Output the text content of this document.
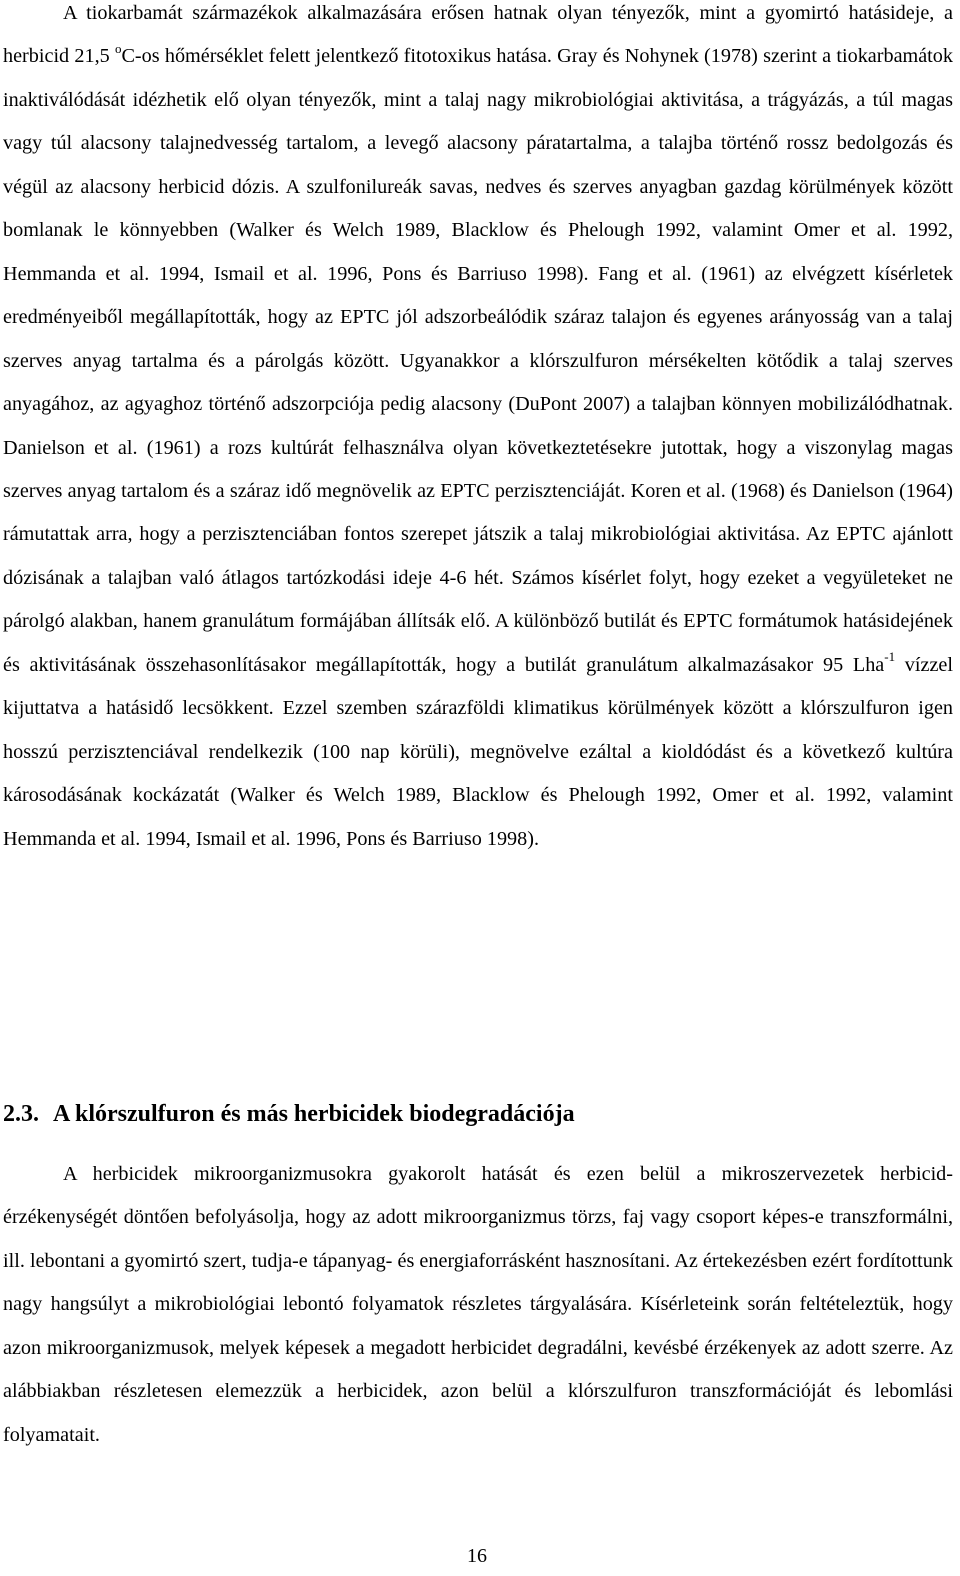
A tiokarbamát származékok alkalmazására erősen hatnak olyan tényezők, mint a gyomirtó hatásideje, a herbicid 21,5 $^o$C-os hőmérséklet felett jelentkező fitotoxikus hatása. Gray és Nohynek (1978) szerint a tiokarbamátok inaktiválódását idézhetik elő olyan tényezők, mint a talaj nagy mikrobiológiai aktivitása, a trágyázás, a túl magas vagy túl alacsony talajnedvesség tartalom, a levegő alacsony páratartalma, a talajba történő rossz bedolgozás és végül az alacsony herbicid dózis. A szulfonilureák savas, nedves és szerves anyagban gazdag körülmények között bomlanak le könnyebben (Walker és Welch 1989, Blacklow és Phelough 1992, valamint Omer et al. 1992, Hemmanda et al. 1994, Ismail et al. 1996, Pons és Barriuso 1998). Fang et al. (1961) az elvégzett kísérletek eredményeiből megállapították, hogy az EPTC jól adszorbeálódik száraz talajon és egyenes arányosság van a talaj szerves anyag tartalma és a párolgás között. Ugyanakkor a klórszulfuron mérsékelten kötődik a talaj szerves anyagához, az agyaghoz történő adszorpciója pedig alacsony (DuPont 2007) a talajban könnyen mobilizálódhatnak. Danielson et al. (1961) a rozs kultúrát felhasználva olyan következtetésekre jutottak, hogy a viszonylag magas szerves anyag tartalom és a száraz idő megnövelik az EPTC perzisztenciáját. Koren et al. (1968) és Danielson (1964) rámutattak arra, hogy a perzisztenciában fontos szerepet játszik a talaj mikrobiológiai aktivitása. Az EPTC ajánlott dózisának a talajban való átlagos tartózkodási ideje 4-6 hét. Számos kísérlet folyt, hogy ezeket a vegyületeket ne párolgó alakban, hanem granulátum formájában állítsák elő. A különböző butilát és EPTC formátumok hatásidejének és aktivitásának összehasonlításakor megállapították, hogy a butilát granulátum alkalmazásakor 95 Lha$^{-1}$ vízzel kijuttatva a hatásidő lecsökkent. Ezzel szemben szárazföldi klimatikus körülmények között a klórszulfuron igen hosszú perzisztenciával rendelkezik (100 nap körüli), megnövelve ezáltal a kioldódást és a következő kultúra károsodásának kockázatát (Walker és Welch 1989, Blacklow és Phelough 1992, Omer et al. 1992, valamint Hemmanda et al. 1994, Ismail et al. 1996, Pons és Barriuso 1998).

2.3. A klórszulfuron és más herbicidek biodegradációja

A herbicidek mikroorganizmusokra gyakorolt hatását és ezen belül a mikroszervezetek herbicid-érzékenységét döntően befolyásolja, hogy az adott mikroorganizmus törzs, faj vagy csoport képes-e transzformálni, ill. lebontani a gyomirtó szert, tudja-e tápanyag- és energiaforrásként hasznosítani. Az értekezésben ezért fordítottunk nagy hangsúlyt a mikrobiológiai lebontó folyamatok részletes tárgyalására. Kísérleteink során feltételeztük, hogy azon mikroorganizmusok, melyek képesek a megadott herbicidet degradálni, kevésbé érzékenyek az adott szerre. Az alábbiakban részletesen elemezzük a herbicidek, azon belül a klórszulfuron transzformációját és lebomlási folyamatait.

16
